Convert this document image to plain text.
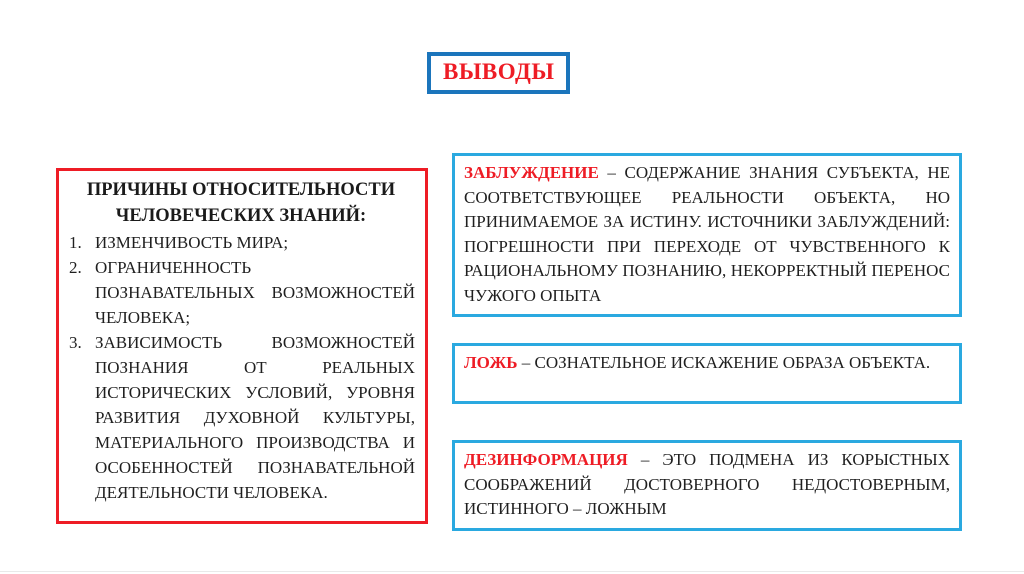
ВЫВОДЫ
ПРИЧИНЫ ОТНОСИТЕЛЬНОСТИ ЧЕЛОВЕЧЕСКИХ ЗНАНИЙ:
1. ИЗМЕНЧИВОСТЬ МИРА;
2. ОГРАНИЧЕННОСТЬ ПОЗНАВАТЕЛЬНЫХ ВОЗМОЖНОСТЕЙ ЧЕЛОВЕКА;
3. ЗАВИСИМОСТЬ ВОЗМОЖНОСТЕЙ ПОЗНАНИЯ ОТ РЕАЛЬНЫХ ИСТОРИЧЕСКИХ УСЛОВИЙ, УРОВНЯ РАЗВИТИЯ ДУХОВНОЙ КУЛЬТУРЫ, МАТЕРИАЛЬНОГО ПРОИЗВОДСТВА И ОСОБЕННОСТЕЙ ПОЗНАВАТЕЛЬНОЙ ДЕЯТЕЛЬНОСТИ ЧЕЛОВЕКА.
ЗАБЛУЖДЕНИЕ – СОДЕРЖАНИЕ ЗНАНИЯ СУБЪЕКТА, НЕ СООТВЕТСТВУЮЩЕЕ РЕАЛЬНОСТИ ОБЪЕКТА, НО ПРИНИМАЕМОЕ ЗА ИСТИНУ. ИСТОЧНИКИ ЗАБЛУЖДЕНИЙ: ПОГРЕШНОСТИ ПРИ ПЕРЕХОДЕ ОТ ЧУВСТВЕННОГО К РАЦИОНАЛЬНОМУ ПОЗНАНИЮ, НЕКОРРЕКТНЫЙ ПЕРЕНОС ЧУЖОГО ОПЫТА
ЛОЖЬ – СОЗНАТЕЛЬНОЕ ИСКАЖЕНИЕ ОБРАЗА ОБЪЕКТА.
ДЕЗИНФОРМАЦИЯ – ЭТО ПОДМЕНА ИЗ КОРЫСТНЫХ СООБРАЖЕНИЙ ДОСТОВЕРНОГО НЕДОСТОВЕРНЫМ, ИСТИННОГО – ЛОЖНЫМ
